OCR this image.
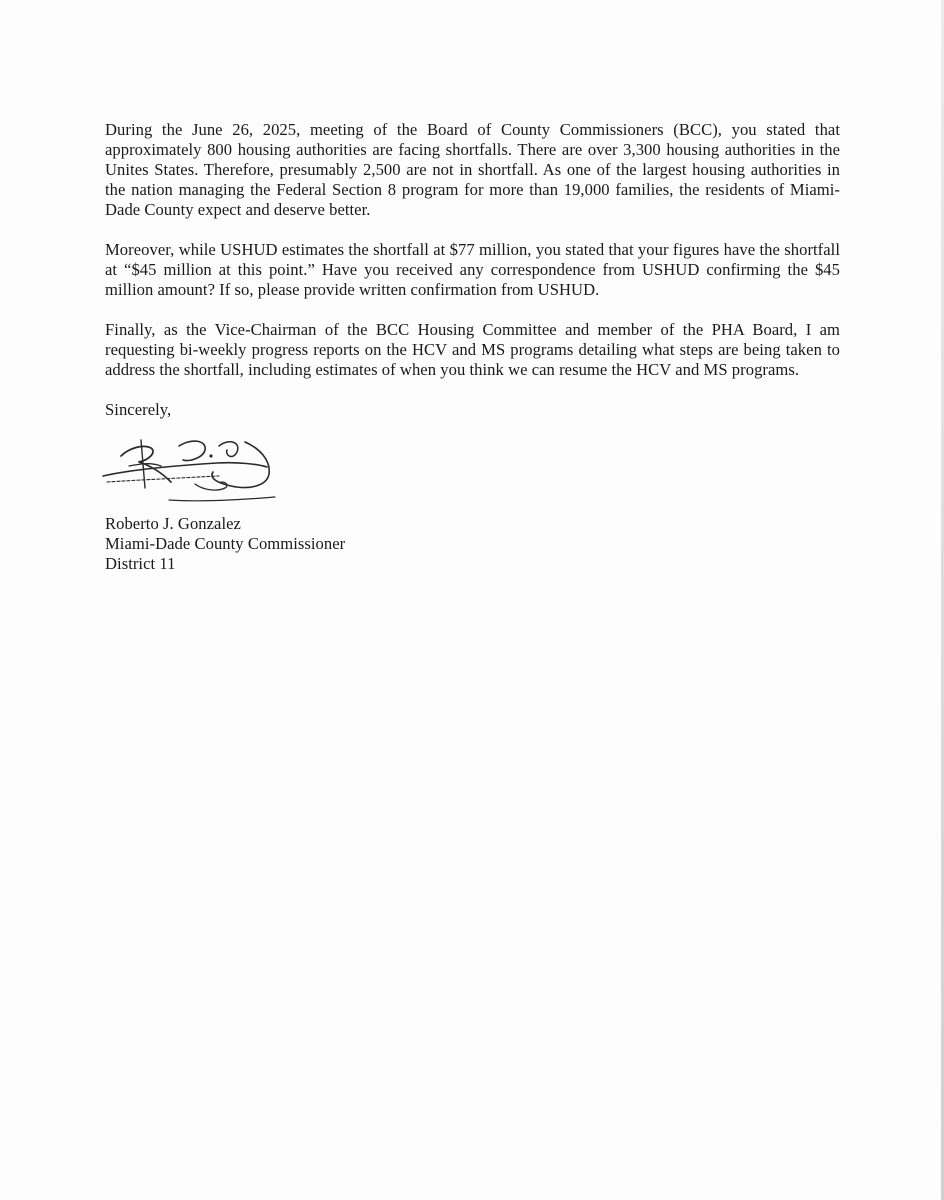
During the June 26, 2025, meeting of the Board of County Commissioners (BCC), you stated that approximately 800 housing authorities are facing shortfalls. There are over 3,300 housing authorities in the Unites States. Therefore, presumably 2,500 are not in shortfall. As one of the largest housing authorities in the nation managing the Federal Section 8 program for more than 19,000 families, the residents of Miami-Dade County expect and deserve better.

Moreover, while USHUD estimates the shortfall at $77 million, you stated that your figures have the shortfall at “$45 million at this point.” Have you received any correspondence from USHUD confirming the $45 million amount? If so, please provide written confirmation from USHUD.

Finally, as the Vice-Chairman of the BCC Housing Committee and member of the PHA Board, I am requesting bi-weekly progress reports on the HCV and MS programs detailing what steps are being taken to address the shortfall, including estimates of when you think we can resume the HCV and MS programs.

Sincerely,

Roberto J. Gonzalez
Miami-Dade County Commissioner
District 11
